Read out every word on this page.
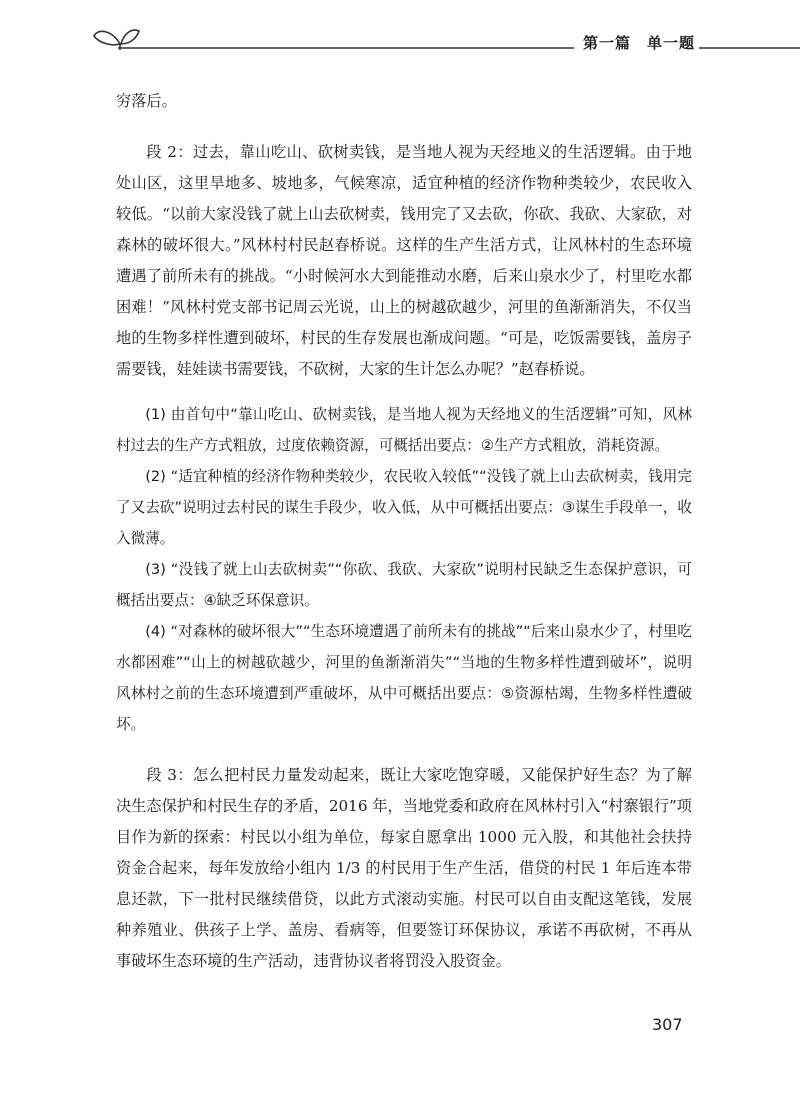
第一篇　单一题

穷落后。

段 2：过去，靠山吃山、砍树卖钱，是当地人视为天经地义的生活逻辑。由于地处山区，这里旱地多、坡地多，气候寒凉，适宜种植的经济作物种类较少，农民收入较低。“以前大家没钱了就上山去砍树卖，钱用完了又去砍，你砍、我砍、大家砍，对森林的破坏很大。”风林村村民赵春桥说。这样的生产生活方式，让风林村的生态环境遭遇了前所未有的挑战。“小时候河水大到能推动水磨，后来山泉水少了，村里吃水都困难！”风林村党支部书记周云光说，山上的树越砍越少，河里的鱼渐渐消失，不仅当地的生物多样性遭到破坏，村民的生存发展也渐成问题。“可是，吃饭需要钱，盖房子需要钱，娃娃读书需要钱，不砍树，大家的生计怎么办呢？”赵春桥说。

(1) 由首句中“靠山吃山、砍树卖钱，是当地人视为天经地义的生活逻辑”可知，风林村过去的生产方式粗放，过度依赖资源，可概括出要点：②生产方式粗放，消耗资源。

(2) “适宜种植的经济作物种类较少，农民收入较低”“没钱了就上山去砍树卖，钱用完了又去砍”说明过去村民的谋生手段少，收入低，从中可概括出要点：③谋生手段单一，收入微薄。

(3) “没钱了就上山去砍树卖”“你砍、我砍、大家砍”说明村民缺乏生态保护意识，可概括出要点：④缺乏环保意识。

(4) “对森林的破坏很大”“生态环境遭遇了前所未有的挑战”“后来山泉水少了，村里吃水都困难”“山上的树越砍越少，河里的鱼渐渐消失”“当地的生物多样性遭到破坏”，说明风林村之前的生态环境遭到严重破坏，从中可概括出要点：⑤资源枯竭，生物多样性遭破坏。

段 3：怎么把村民力量发动起来，既让大家吃饱穿暖，又能保护好生态？为了解决生态保护和村民生存的矛盾，2016 年，当地党委和政府在风林村引入“村寨银行”项目作为新的探索：村民以小组为单位，每家自愿拿出 1000 元入股，和其他社会扶持资金合起来，每年发放给小组内 1/3 的村民用于生产生活，借贷的村民 1 年后连本带息还款，下一批村民继续借贷，以此方式滚动实施。村民可以自由支配这笔钱，发展种养殖业、供孩子上学、盖房、看病等，但要签订环保协议，承诺不再砍树，不再从事破坏生态环境的生产活动，违背协议者将罚没入股资金。

307
